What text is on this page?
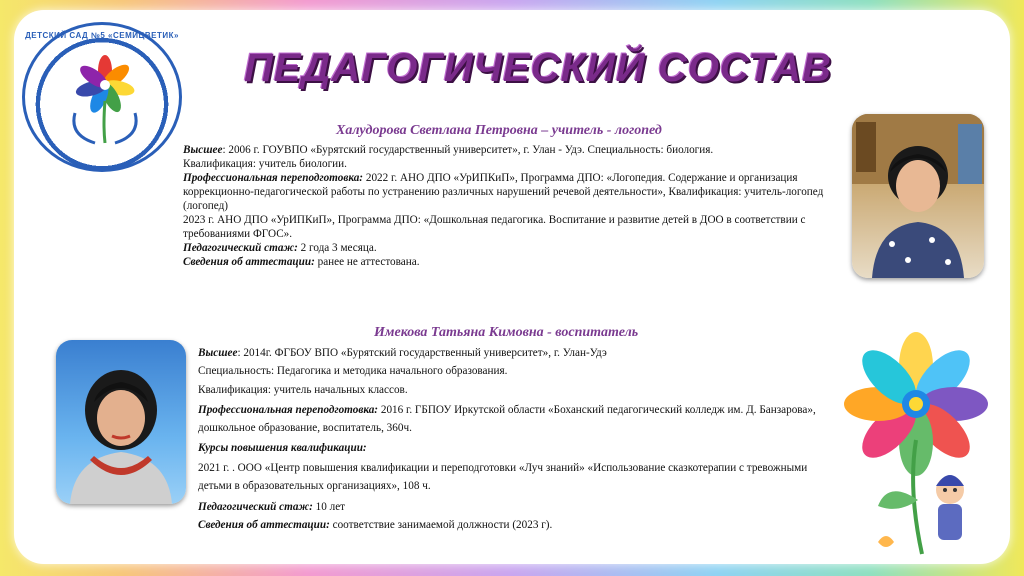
ДЕТСКИЙ САД №5 «СЕМИЦВЕТИК»
ПЕДАГОГИЧЕСКИЙ СОСТАВ
Халудорова Светлана Петровна – учитель - логопед

Высшее: 2006 г. ГОУВПО «Бурятский государственный университет», г. Улан - Удэ. Специальность: биология.

Квалификация: учитель биологии.

Профессиональная переподготовка: 2022 г. АНО ДПО «УрИПКиП», Программа ДПО: «Логопедия. Содержание и организация коррекционно-педагогической работы по устранению различных нарушений речевой деятельности», Квалификация: учитель-логопед (логопед)

2023 г. АНО ДПО «УрИПКиП», Программа ДПО: «Дошкольная педагогика. Воспитание и развитие детей в ДОО в соответствии с требованиями ФГОС».

Педагогический стаж: 2 года 3 месяца.

Сведения об аттестации: ранее не аттестована.

Имекова Татьяна Кимовна - воспитатель

Высшее: 2014г. ФГБОУ ВПО «Бурятский государственный университет», г. Улан-Удэ

Специальность: Педагогика и методика начального образования.

Квалификация: учитель начальных классов.

Профессиональная переподготовка: 2016 г. ГБПОУ Иркутской области «Боханский педагогический колледж им. Д. Банзарова», дошкольное образование, воспитатель, 360ч.

Курсы повышения квалификации:

2021 г. . ООО «Центр повышения квалификации и переподготовки «Луч знаний» «Использование сказкотерапии с тревожными детьми в образовательных организациях», 108 ч.

Педагогический стаж: 10 лет

Сведения об аттестации: соответствие занимаемой должности (2023 г).
